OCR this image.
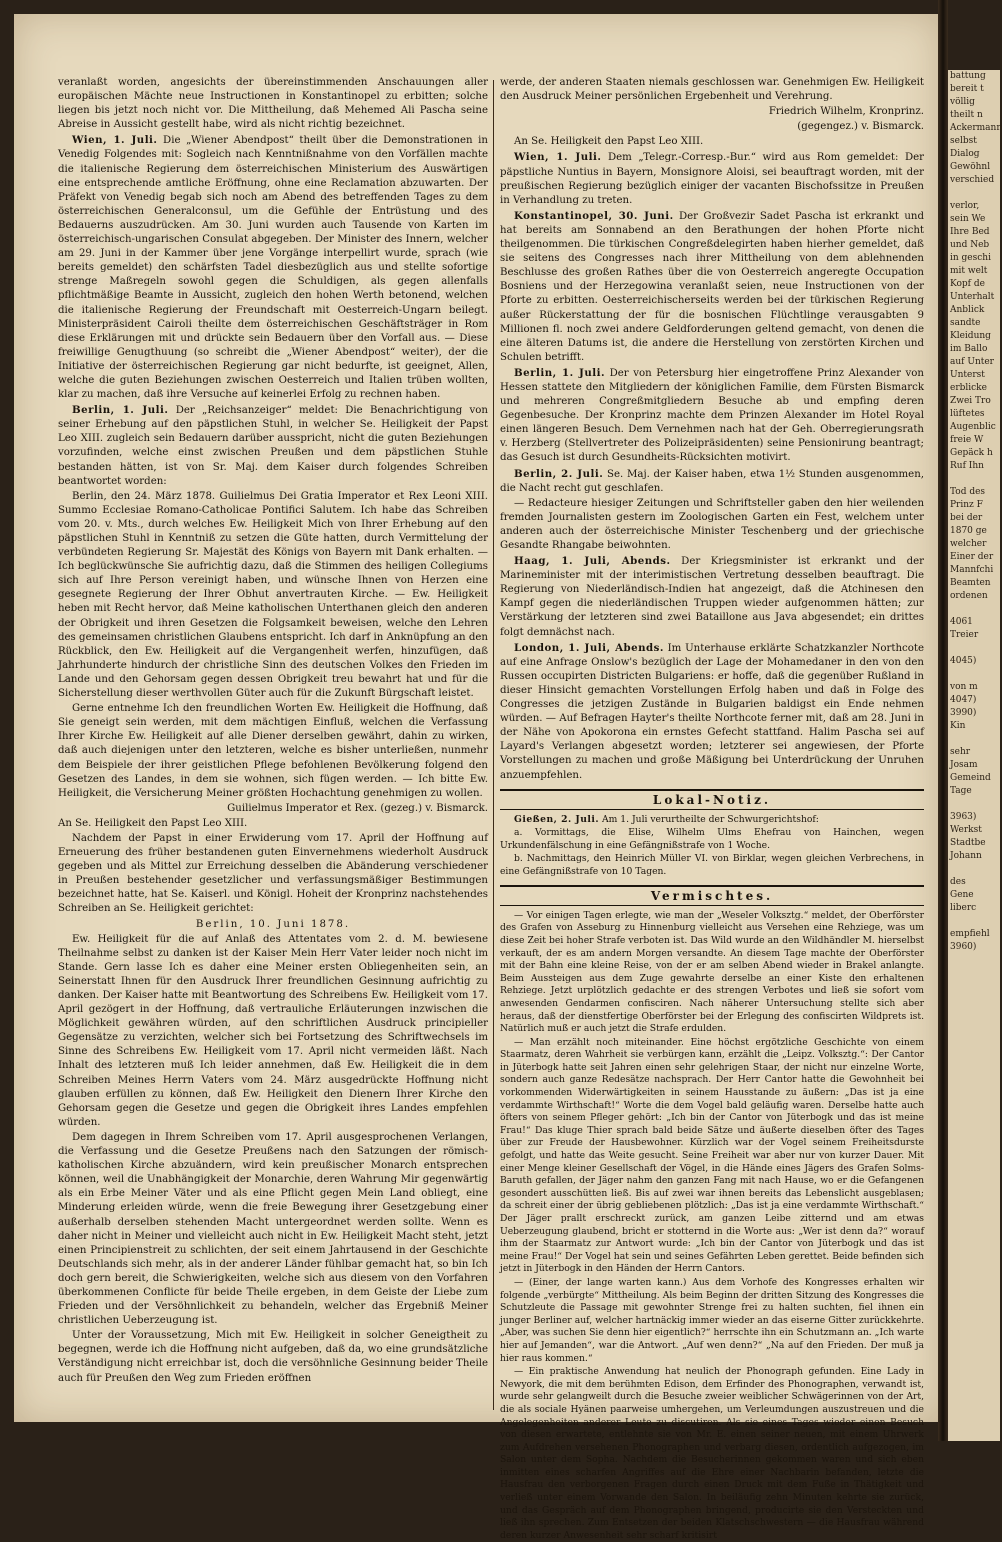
veranlaßt worden, angesichts der übereinstimmenden Anschauungen aller europäischen Mächte neue Instructionen in Konstantinopel zu erbitten; solche liegen bis jetzt noch nicht vor. Die Mittheilung, daß Mehemed Ali Pascha seine Abreise in Aussicht gestellt habe, wird als nicht richtig bezeichnet.

Wien, 1. Juli. Die „Wiener Abendpost“ theilt über die Demonstrationen in Venedig Folgendes mit: Sogleich nach Kenntnißnahme von den Vorfällen machte die italienische Regierung dem österreichischen Ministerium des Auswärtigen eine entsprechende amtliche Eröffnung, ohne eine Reclamation abzuwarten. Der Präfekt von Venedig begab sich noch am Abend des betreffenden Tages zu dem österreichischen Generalconsul, um die Gefühle der Entrüstung und des Bedauerns auszudrücken. Am 30. Juni wurden auch Tausende von Karten im österreichisch-ungarischen Consulat abgegeben. Der Minister des Innern, welcher am 29. Juni in der Kammer über jene Vorgänge interpellirt wurde, sprach (wie bereits gemeldet) den schärfsten Tadel diesbezüglich aus und stellte sofortige strenge Maßregeln sowohl gegen die Schuldigen, als gegen allenfalls pflichtmäßige Beamte in Aussicht, zugleich den hohen Werth betonend, welchen die italienische Regierung der Freundschaft mit Oesterreich-Ungarn beilegt. Ministerpräsident Cairoli theilte dem österreichischen Geschäftsträger in Rom diese Erklärungen mit und drückte sein Bedauern über den Vorfall aus. — Diese freiwillige Genugthuung (so schreibt die „Wiener Abendpost“ weiter), der die Initiative der österreichischen Regierung gar nicht bedurfte, ist geeignet, Allen, welche die guten Beziehungen zwischen Oesterreich und Italien trüben wollten, klar zu machen, daß ihre Versuche auf keinerlei Erfolg zu rechnen haben.

Berlin, 1. Juli. Der „Reichsanzeiger“ meldet: Die Benachrichtigung von seiner Erhebung auf den päpstlichen Stuhl, in welcher Se. Heiligkeit der Papst Leo XIII. zugleich sein Bedauern darüber ausspricht, nicht die guten Beziehungen vorzufinden, welche einst zwischen Preußen und dem päpstlichen Stuhle bestanden hätten, ist von Sr. Maj. dem Kaiser durch folgendes Schreiben beantwortet worden:

Berlin, den 24. März 1878. Guilielmus Dei Gratia Imperator et Rex Leoni XIII. Summo Ecclesiae Romano-Catholicae Pontifici Salutem. Ich habe das Schreiben vom 20. v. Mts., durch welches Ew. Heiligkeit Mich von Ihrer Erhebung auf den päpstlichen Stuhl in Kenntniß zu setzen die Güte hatten, durch Vermittelung der verbündeten Regierung Sr. Majestät des Königs von Bayern mit Dank erhalten. — Ich beglückwünsche Sie aufrichtig dazu, daß die Stimmen des heiligen Collegiums sich auf Ihre Person vereinigt haben, und wünsche Ihnen von Herzen eine gesegnete Regierung der Ihrer Obhut anvertrauten Kirche. — Ew. Heiligkeit heben mit Recht hervor, daß Meine katholischen Unterthanen gleich den anderen der Obrigkeit und ihren Gesetzen die Folgsamkeit beweisen, welche den Lehren des gemeinsamen christlichen Glaubens entspricht. Ich darf in Anknüpfung an den Rückblick, den Ew. Heiligkeit auf die Vergangenheit werfen, hinzufügen, daß Jahrhunderte hindurch der christliche Sinn des deutschen Volkes den Frieden im Lande und den Gehorsam gegen dessen Obrigkeit treu bewahrt hat und für die Sicherstellung dieser werthvollen Güter auch für die Zukunft Bürgschaft leistet.

Gerne entnehme Ich den freundlichen Worten Ew. Heiligkeit die Hoffnung, daß Sie geneigt sein werden, mit dem mächtigen Einfluß, welchen die Verfassung Ihrer Kirche Ew. Heiligkeit auf alle Diener derselben gewährt, dahin zu wirken, daß auch diejenigen unter den letzteren, welche es bisher unterließen, nunmehr dem Beispiele der ihrer geistlichen Pflege befohlenen Bevölkerung folgend den Gesetzen des Landes, in dem sie wohnen, sich fügen werden. — Ich bitte Ew. Heiligkeit, die Versicherung Meiner größten Hochachtung genehmigen zu wollen.

Guilielmus Imperator et Rex. (gezeg.) v. Bismarck.

An Se. Heiligkeit den Papst Leo XIII.

Nachdem der Papst in einer Erwiderung vom 17. April der Hoffnung auf Erneuerung des früher bestandenen guten Einvernehmens wiederholt Ausdruck gegeben und als Mittel zur Erreichung desselben die Abänderung verschiedener in Preußen bestehender gesetzlicher und verfassungsmäßiger Bestimmungen bezeichnet hatte, hat Se. Kaiserl. und Königl. Hoheit der Kronprinz nachstehendes Schreiben an Se. Heiligkeit gerichtet:

Berlin, 10. Juni 1878.

Ew. Heiligkeit für die auf Anlaß des Attentates vom 2. d. M. bewiesene Theilnahme selbst zu danken ist der Kaiser Mein Herr Vater leider noch nicht im Stande. Gern lasse Ich es daher eine Meiner ersten Obliegenheiten sein, an Seinerstatt Ihnen für den Ausdruck Ihrer freundlichen Gesinnung aufrichtig zu danken. Der Kaiser hatte mit Beantwortung des Schreibens Ew. Heiligkeit vom 17. April gezögert in der Hoffnung, daß vertrauliche Erläuterungen inzwischen die Möglichkeit gewähren würden, auf den schriftlichen Ausdruck principieller Gegensätze zu verzichten, welcher sich bei Fortsetzung des Schriftwechsels im Sinne des Schreibens Ew. Heiligkeit vom 17. April nicht vermeiden läßt. Nach Inhalt des letzteren muß Ich leider annehmen, daß Ew. Heiligkeit die in dem Schreiben Meines Herrn Vaters vom 24. März ausgedrückte Hoffnung nicht glauben erfüllen zu können, daß Ew. Heiligkeit den Dienern Ihrer Kirche den Gehorsam gegen die Gesetze und gegen die Obrigkeit ihres Landes empfehlen würden.

Dem dagegen in Ihrem Schreiben vom 17. April ausgesprochenen Verlangen, die Verfassung und die Gesetze Preußens nach den Satzungen der römisch-katholischen Kirche abzuändern, wird kein preußischer Monarch entsprechen können, weil die Unabhängigkeit der Monarchie, deren Wahrung Mir gegenwärtig als ein Erbe Meiner Väter und als eine Pflicht gegen Mein Land obliegt, eine Minderung erleiden würde, wenn die freie Bewegung ihrer Gesetzgebung einer außerhalb derselben stehenden Macht untergeordnet werden sollte. Wenn es daher nicht in Meiner und vielleicht auch nicht in Ew. Heiligkeit Macht steht, jetzt einen Principienstreit zu schlichten, der seit einem Jahrtausend in der Geschichte Deutschlands sich mehr, als in der anderer Länder fühlbar gemacht hat, so bin Ich doch gern bereit, die Schwierigkeiten, welche sich aus diesem von den Vorfahren überkommenen Conflicte für beide Theile ergeben, in dem Geiste der Liebe zum Frieden und der Versöhnlichkeit zu behandeln, welcher das Ergebniß Meiner christlichen Ueberzeugung ist.

Unter der Voraussetzung, Mich mit Ew. Heiligkeit in solcher Geneigtheit zu begegnen, werde ich die Hoffnung nicht aufgeben, daß da, wo eine grundsätzliche Verständigung nicht erreichbar ist, doch die versöhnliche Gesinnung beider Theile auch für Preußen den Weg zum Frieden eröffnen

werde, der anderen Staaten niemals geschlossen war. Genehmigen Ew. Heiligkeit den Ausdruck Meiner persönlichen Ergebenheit und Verehrung.

Friedrich Wilhelm, Kronprinz.

(gegengez.) v. Bismarck.

An Se. Heiligkeit den Papst Leo XIII.

Wien, 1. Juli. Dem „Telegr.-Corresp.-Bur.“ wird aus Rom gemeldet: Der päpstliche Nuntius in Bayern, Monsignore Aloisi, sei beauftragt worden, mit der preußischen Regierung bezüglich einiger der vacanten Bischofssitze in Preußen in Verhandlung zu treten.

Konstantinopel, 30. Juni. Der Großvezir Sadet Pascha ist erkrankt und hat bereits am Sonnabend an den Berathungen der hohen Pforte nicht theilgenommen. Die türkischen Congreßdelegirten haben hierher gemeldet, daß sie seitens des Congresses nach ihrer Mittheilung von dem ablehnenden Beschlusse des großen Rathes über die von Oesterreich angeregte Occupation Bosniens und der Herzegowina veranlaßt seien, neue Instructionen von der Pforte zu erbitten. Oesterreichischerseits werden bei der türkischen Regierung außer Rückerstattung der für die bosnischen Flüchtlinge verausgabten 9 Millionen fl. noch zwei andere Geldforderungen geltend gemacht, von denen die eine älteren Datums ist, die andere die Herstellung von zerstörten Kirchen und Schulen betrifft.

Berlin, 1. Juli. Der von Petersburg hier eingetroffene Prinz Alexander von Hessen stattete den Mitgliedern der königlichen Familie, dem Fürsten Bismarck und mehreren Congreßmitgliedern Besuche ab und empfing deren Gegenbesuche. Der Kronprinz machte dem Prinzen Alexander im Hotel Royal einen längeren Besuch. Dem Vernehmen nach hat der Geh. Oberregierungsrath v. Herzberg (Stellvertreter des Polizeipräsidenten) seine Pensionirung beantragt; das Gesuch ist durch Gesundheits-Rücksichten motivirt.

Berlin, 2. Juli. Se. Maj. der Kaiser haben, etwa 1½ Stunden ausgenommen, die Nacht recht gut geschlafen.

— Redacteure hiesiger Zeitungen und Schriftsteller gaben den hier weilenden fremden Journalisten gestern im Zoologischen Garten ein Fest, welchem unter anderen auch der österreichische Minister Teschenberg und der griechische Gesandte Rhangabe beiwohnten.

Haag, 1. Juli, Abends. Der Kriegsminister ist erkrankt und der Marineminister mit der interimistischen Vertretung desselben beauftragt. Die Regierung von Niederländisch-Indien hat angezeigt, daß die Atchinesen den Kampf gegen die niederländischen Truppen wieder aufgenommen hätten; zur Verstärkung der letzteren sind zwei Bataillone aus Java abgesendet; ein drittes folgt demnächst nach.

London, 1. Juli, Abends. Im Unterhause erklärte Schatzkanzler Northcote auf eine Anfrage Onslow's bezüglich der Lage der Mohamedaner in den von den Russen occupirten Districten Bulgariens: er hoffe, daß die gegenüber Rußland in dieser Hinsicht gemachten Vorstellungen Erfolg haben und daß in Folge des Congresses die jetzigen Zustände in Bulgarien baldigst ein Ende nehmen würden. — Auf Befragen Hayter's theilte Northcote ferner mit, daß am 28. Juni in der Nähe von Apokorona ein ernstes Gefecht stattfand. Halim Pascha sei auf Layard's Verlangen abgesetzt worden; letzterer sei angewiesen, der Pforte Vorstellungen zu machen und große Mäßigung bei Unterdrückung der Unruhen anzuempfehlen.

Lokal-Notiz.

Gießen, 2. Juli. Am 1. Juli verurtheilte der Schwurgerichtshof:

a. Vormittags, die Elise, Wilhelm Ulms Ehefrau von Hainchen, wegen Urkundenfälschung in eine Gefängnißstrafe von 1 Woche.

b. Nachmittags, den Heinrich Müller VI. von Birklar, wegen gleichen Verbrechens, in eine Gefängnißstrafe von 10 Tagen.

Vermischtes.

— Vor einigen Tagen erlegte, wie man der „Weseler Volksztg.“ meldet, der Oberförster des Grafen von Asseburg zu Hinnenburg vielleicht aus Versehen eine Rehziege, was um diese Zeit bei hoher Strafe verboten ist. Das Wild wurde an den Wildhändler M. hierselbst verkauft, der es am andern Morgen versandte. An diesem Tage machte der Oberförster mit der Bahn eine kleine Reise, von der er am selben Abend wieder in Brakel anlangte. Beim Aussteigen aus dem Zuge gewahrte derselbe an einer Kiste den erhaltenen Rehziege. Jetzt urplötzlich gedachte er des strengen Verbotes und ließ sie sofort vom anwesenden Gendarmen confisciren. Nach näherer Untersuchung stellte sich aber heraus, daß der dienstfertige Oberförster bei der Erlegung des confiscirten Wildprets ist. Natürlich muß er auch jetzt die Strafe erdulden.

— Man erzählt noch miteinander. Eine höchst ergötzliche Geschichte von einem Staarmatz, deren Wahrheit sie verbürgen kann, erzählt die „Leipz. Volksztg.“: Der Cantor in Jüterbogk hatte seit Jahren einen sehr gelehrigen Staar, der nicht nur einzelne Worte, sondern auch ganze Redesätze nachsprach. Der Herr Cantor hatte die Gewohnheit bei vorkommenden Widerwärtigkeiten in seinem Hausstande zu äußern: „Das ist ja eine verdammte Wirthschaft!“ Worte die dem Vogel bald geläufig waren. Derselbe hatte auch öfters von seinem Pfleger gehört: „Ich bin der Cantor von Jüterbogk und das ist meine Frau!“ Das kluge Thier sprach bald beide Sätze und äußerte dieselben öfter des Tages über zur Freude der Hausbewohner. Kürzlich war der Vogel seinem Freiheitsdurste gefolgt, und hatte das Weite gesucht. Seine Freiheit war aber nur von kurzer Dauer. Mit einer Menge kleiner Gesellschaft der Vögel, in die Hände eines Jägers des Grafen Solms-Baruth gefallen, der Jäger nahm den ganzen Fang mit nach Hause, wo er die Gefangenen gesondert ausschütten ließ. Bis auf zwei war ihnen bereits das Lebenslicht ausgeblasen; da schreit einer der übrig gebliebenen plötzlich: „Das ist ja eine verdammte Wirthschaft.“ Der Jäger prallt erschreckt zurück, am ganzen Leibe zitternd und am etwas Ueberzeugung glaubend, bricht er stotternd in die Worte aus: „Wer ist denn da?“ worauf ihm der Staarmatz zur Antwort wurde: „Ich bin der Cantor von Jüterbogk und das ist meine Frau!“ Der Vogel hat sein und seines Gefährten Leben gerettet. Beide befinden sich jetzt in Jüterbogk in den Händen der Herrn Cantors.

— (Einer, der lange warten kann.) Aus dem Vorhofe des Kongresses erhalten wir folgende „verbürgte“ Mittheilung. Als beim Beginn der dritten Sitzung des Kongresses die Schutzleute die Passage mit gewohnter Strenge frei zu halten suchten, fiel ihnen ein junger Berliner auf, welcher hartnäckig immer wieder an das eiserne Gitter zurückkehrte. „Aber, was suchen Sie denn hier eigentlich?“ herrschte ihn ein Schutzmann an. „Ich warte hier auf Jemanden“, war die Antwort. „Auf wen denn?“ „Na auf den Frieden. Der muß ja hier raus kommen.“

— Ein praktische Anwendung hat neulich der Phonograph gefunden. Eine Lady in Newyork, die mit dem berühmten Edison, dem Erfinder des Phonographen, verwandt ist, wurde sehr gelangweilt durch die Besuche zweier weiblicher Schwägerinnen von der Art, die als sociale Hyänen paarweise umhergehen, um Verleumdungen auszustreuen und die Angelegenheiten anderer Leute zu discutiren. Als sie eines Tages wieder einen Besuch von diesen erwartete, entlehnte sie von Mr. E. einen seiner neuen, mit einem Uhrwerk zum Aufdrehen versehenen Phonographen und verbarg diesen, ordentlich aufgezogen, im Salon unter dem Sopha. Nachdem die Besucherinnen gekommen waren und sich eben inmitten eines scharfen Angriffes auf die Ehre einer Nachbarin befanden, letzte die Hausfrau den verborgenen Fragen durch einen Druck mit dem Fuße in Thätigkeit und verließ unter einem Vorwande den Salon. In beiläufig zehn Minuten kehrte sie zurück, und das Gespräch auf dem Phonographen bringend, producirte sie den Versteckten und ließ ihn sprechen. Zum Entsetzen der beiden Klatschschwestern — die Hausfrau während deren kurzer Anwesenheit sehr scharf kritisirt

battung
bereit t
völlig
theilt n
Ackermann
selbst
Dialog
Gewöhnl
verschied

verlor,
sein We
Ihre Bed
und Neb
in geschi
mit welt
Kopf de
Unterhalt
Anblick
sandte
Kleidung
im Ballo
auf Unter
Unterst
erblicke
Zwei Tro
lüftetes
Augenblic
freie W
Gepäck h
Ruf Ihn

Tod des
Prinz F
bei der
1870 ge
welcher
Einer der
Mannfchi
Beamten
ordenen

4061
Treier

4045)

von m
4047)
3990)
Kin

sehr
Josam
Gemeind
Tage

3963)
Werkst
Stadtbe
Johann

des
Gene
liberc

empfiehl
3960)
